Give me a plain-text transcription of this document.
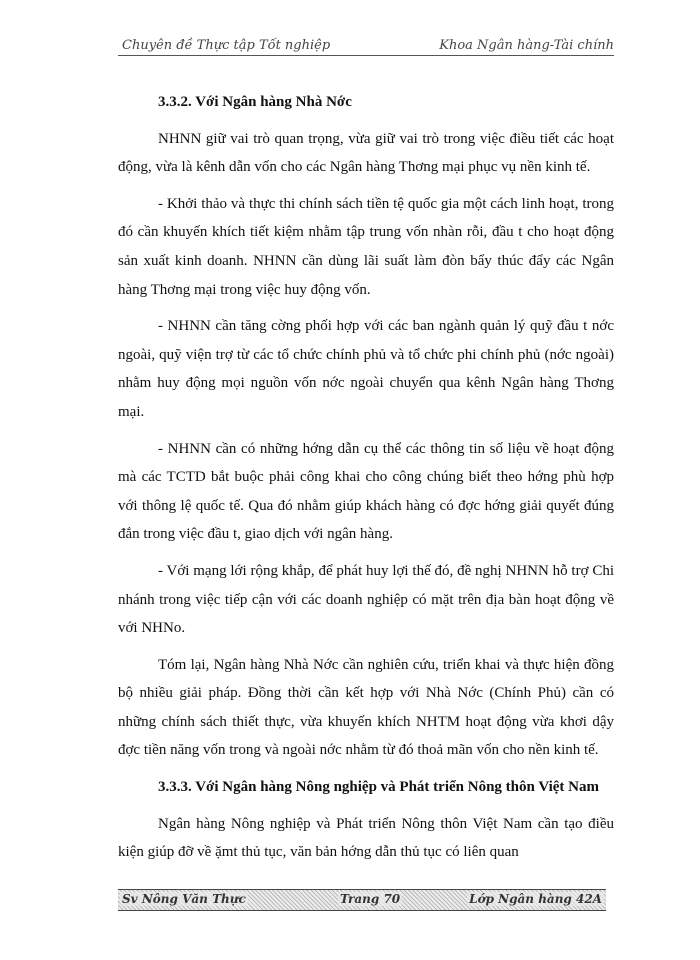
Chuyên đề Thực tập Tốt nghiệp	Khoa Ngân hàng-Tài chính
3.3.2. Với Ngân hàng Nhà Nớc

NHNN giữ vai trò quan trọng, vừa giữ vai trò trong việc điều tiết các hoạt động, vừa là kênh dẫn vốn cho các Ngân hàng Thơng mại phục vụ nền kinh tế.

- Khởi thảo và thực thi chính sách tiền tệ quốc gia một cách linh hoạt, trong đó cần khuyến khích tiết kiệm nhằm tập trung vốn nhàn rỗi, đầu t cho hoạt động sản xuất kinh doanh. NHNN cần dùng lãi suất làm đòn bẩy thúc đẩy các Ngân hàng Thơng mại trong việc huy động vốn.

- NHNN cần tăng cờng phối hợp với các ban ngành quản lý quỹ đầu t nớc ngoài, quỹ viện trợ từ các tổ chức chính phủ và tổ chức phi chính phủ (nớc ngoài) nhằm huy động mọi nguồn vốn nớc ngoài chuyển qua kênh Ngân hàng Thơng mại.

- NHNN cần có những hớng dẫn cụ thể các thông tin số liệu về hoạt động mà các TCTD bắt buộc phải công khai cho công chúng biết theo hớng phù hợp với thông lệ quốc tế. Qua đó nhằm giúp khách hàng có đợc hớng giải quyết đúng đắn trong việc đầu t, giao dịch với ngân hàng.

- Với mạng lới rộng khắp, để phát huy lợi thế đó, đề nghị NHNN hỗ trợ Chi nhánh trong việc tiếp cận với các doanh nghiệp có mặt trên địa bàn hoạt động về với NHNo.

Tóm lại, Ngân hàng Nhà Nớc cần nghiên cứu, triển khai và thực hiện đồng bộ nhiều giải pháp. Đồng thời cần kết hợp với Nhà Nớc (Chính Phủ) cần có những chính sách thiết thực, vừa khuyến khích NHTM hoạt động vừa khơi dậy đợc tiền năng vốn trong và ngoài nớc nhằm từ đó thoả mãn vốn cho nền kinh tế.

3.3.3. Với Ngân hàng Nông nghiệp và Phát triển Nông thôn Việt Nam

Ngân hàng Nông nghiệp và Phát triển Nông thôn Việt Nam cần tạo điều kiện giúp đỡ về ặmt thủ tục, văn bản hớng dẫn thủ tục có liên quan

Sv Nông Văn Thực	Trang 70	Lớp Ngân hàng 42A
